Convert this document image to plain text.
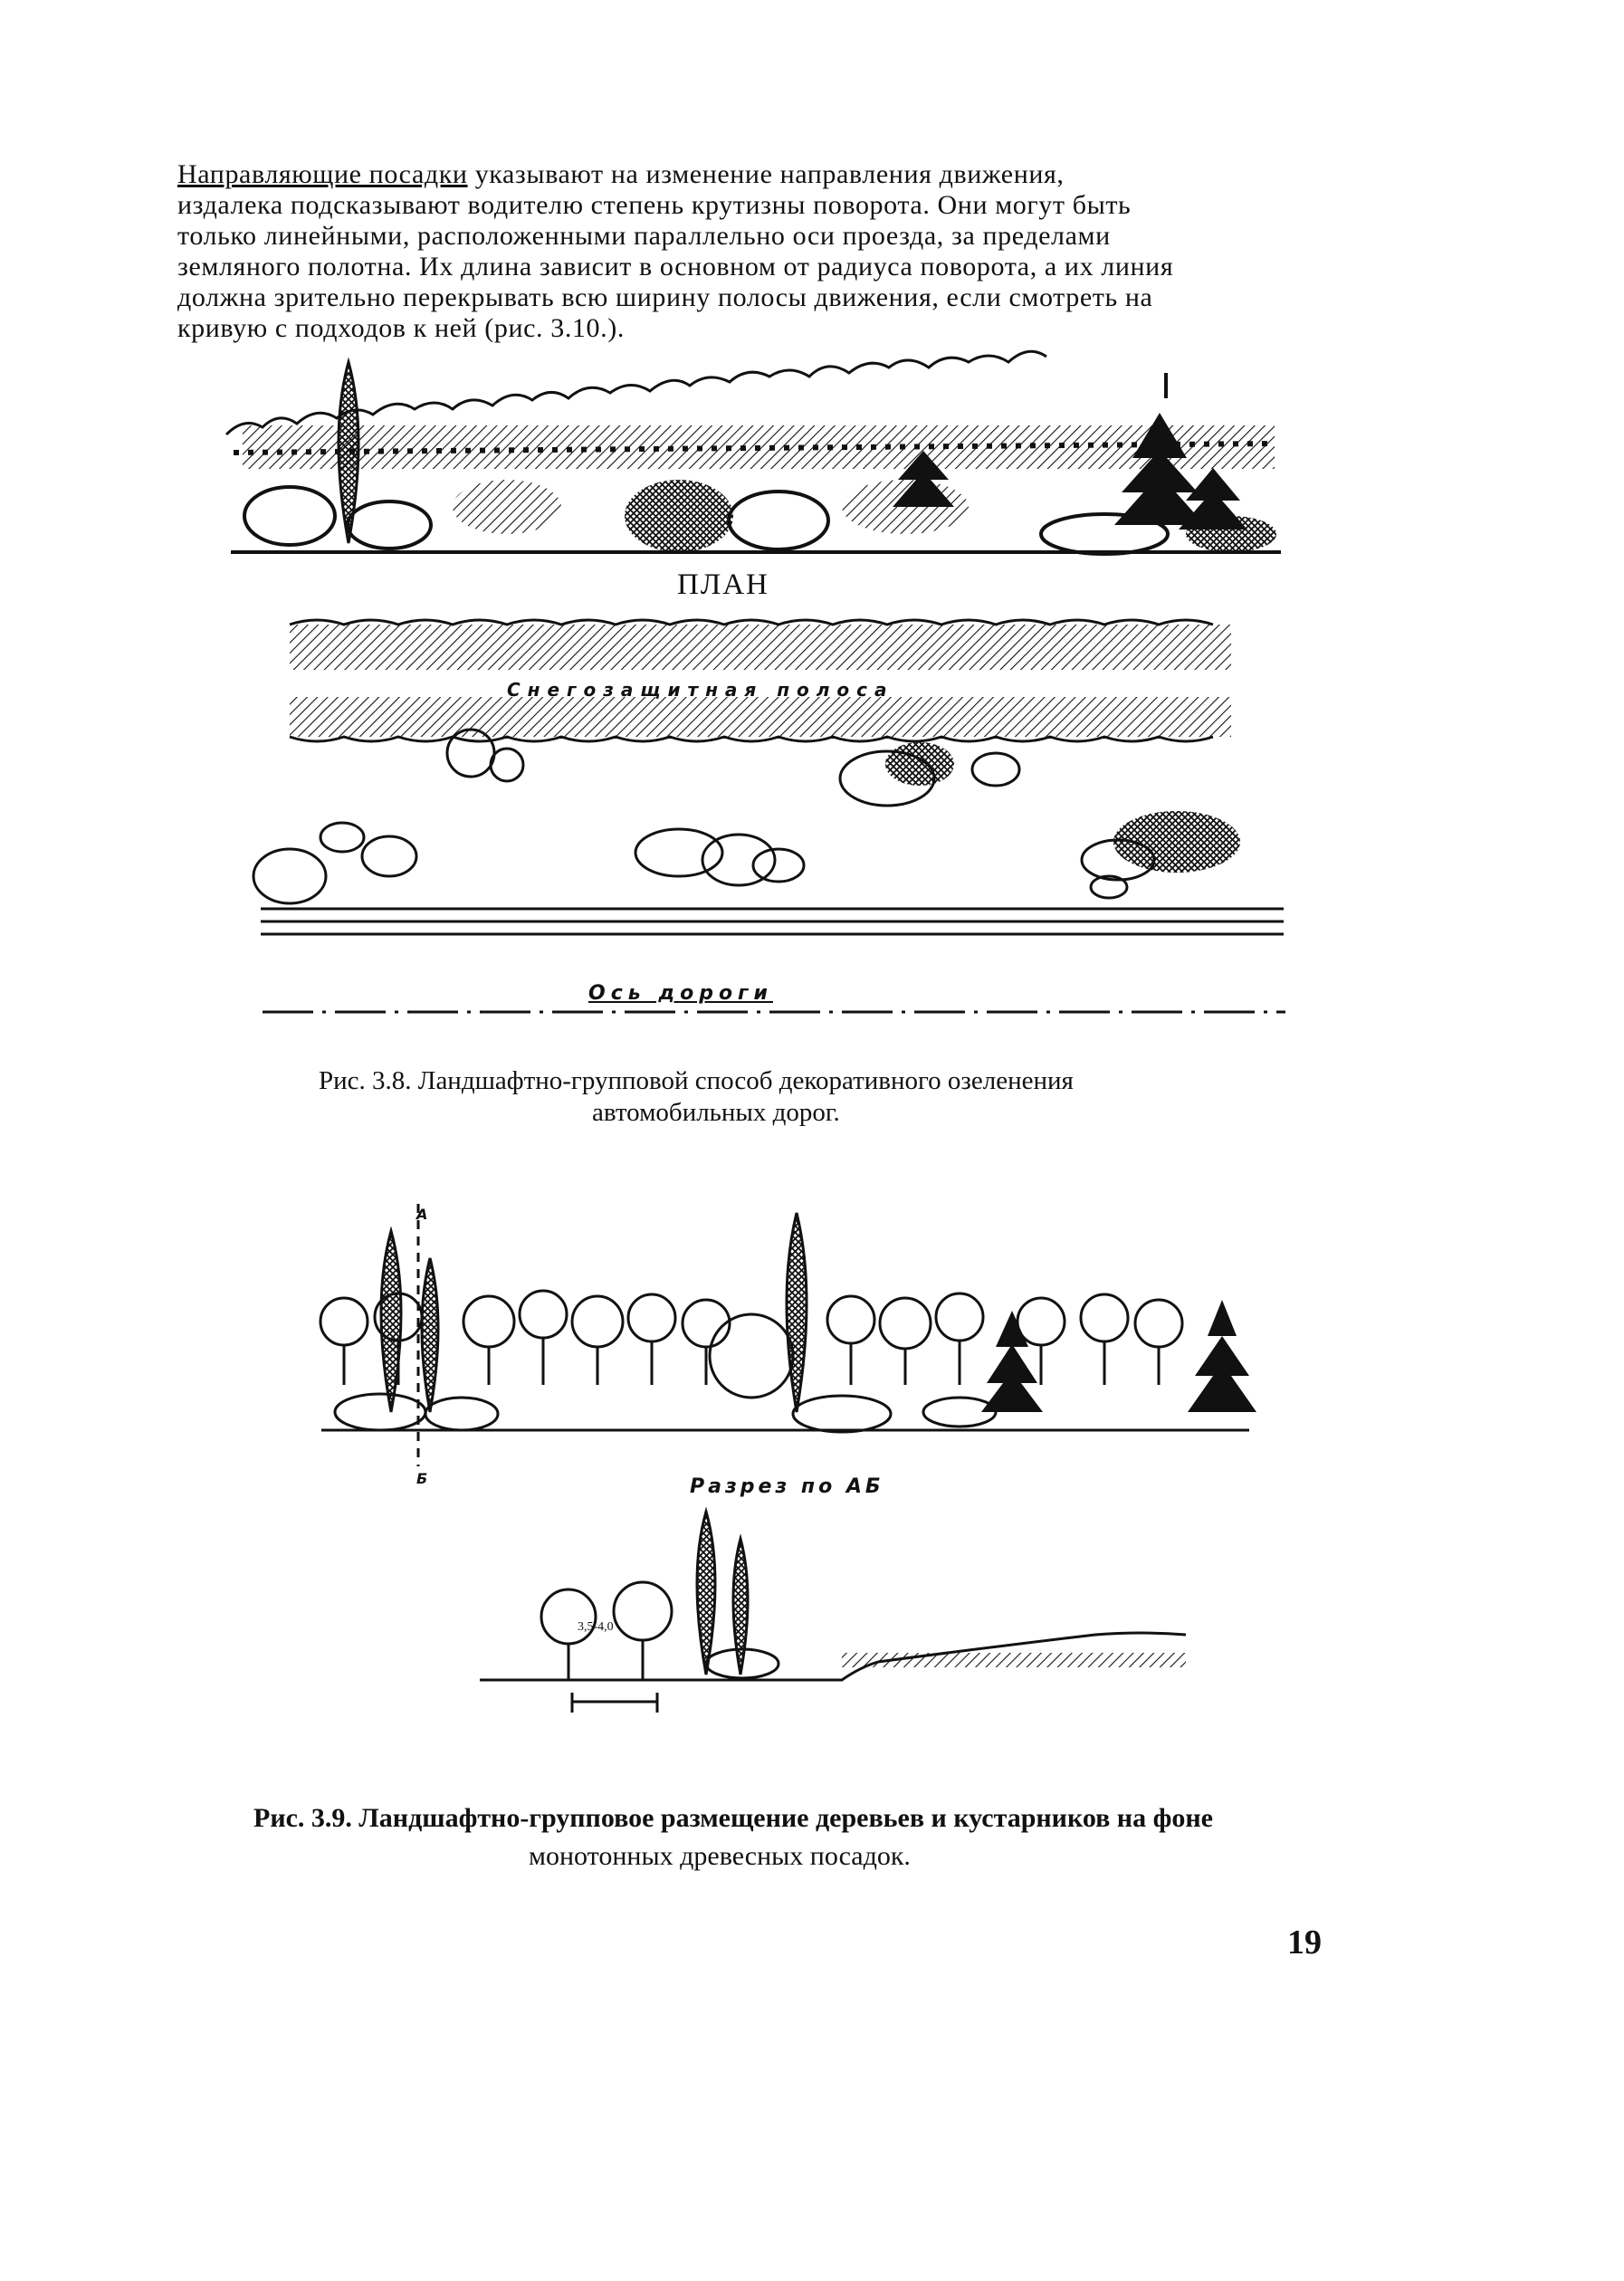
Направляющие посадки указывают на изменение направления движения,
издалека подсказывают водителю степень крутизны поворота. Они могут быть
только линейными, расположенными параллельно оси проезда, за пределами
земляного полотна. Их длина зависит в основном от радиуса поворота, а их линия
должна зрительно перекрывать всю ширину полосы движения, если смотреть на
кривую с подходов к ней (рис. 3.10.).
ПЛАН
Снегозащитная полоса
Ось дороги
Рис. 3.8. Ландшафтно-групповой способ декоративного озеленения
автомобильных дорог.
А
Б	Разрез по АБ
3,5-4,0
Рис. 3.9. Ландшафтно-групповое размещение деревьев и кустарников на фоне
монотонных древесных посадок.
19
